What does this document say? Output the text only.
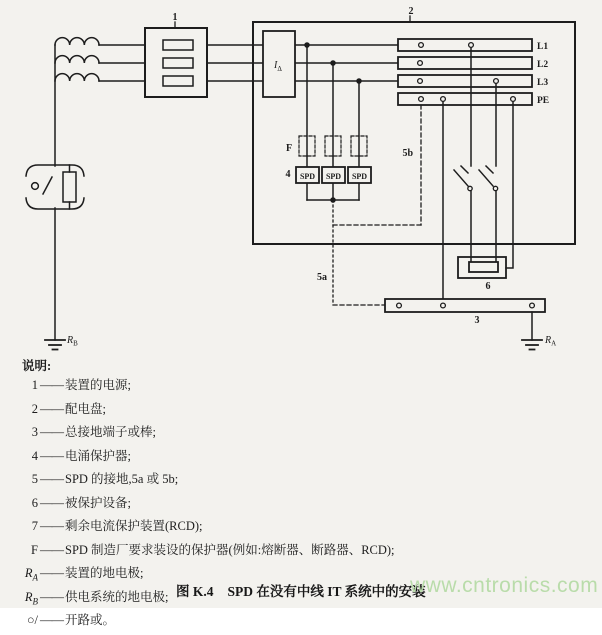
$R_B$
1
2
$I_\Delta$
F
SPD SPD SPD
4
5a
5b
L1
L2
L3
PE
6
3
$R_A$
说明:
1 —— 装置的电源;
2 —— 配电盘;
3 —— 总接地端子或棒;
4 —— 电涌保护器;
5 —— SPD 的接地,5a 或 5b;
6 —— 被保护设备;
7 —— 剩余电流保护装置(RCD);
F —— SPD 制造厂要求装设的保护器(例如:熔断器、断路器、RCD);
$R_A$ —— 装置的地电极;
$R_B$ —— 供电系统的地电极;
○/ —— 开路或。
图 K.4 SPD 在没有中线 IT 系统中的安装
www.cntronics.com
